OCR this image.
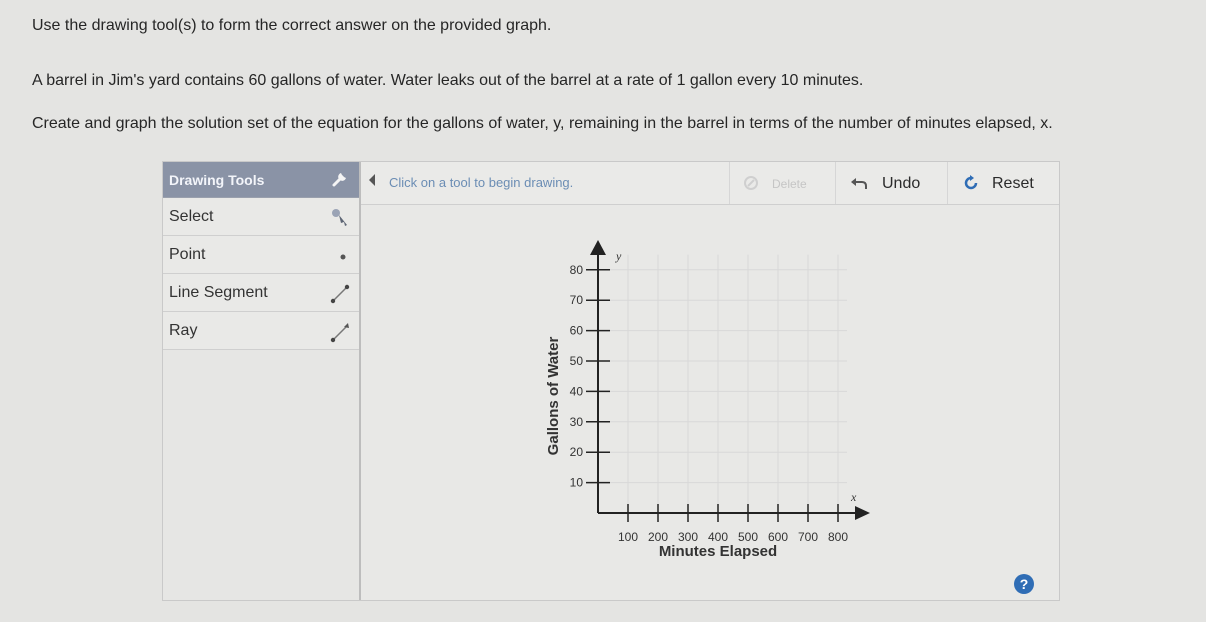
Use the drawing tool(s) to form the correct answer on the provided graph.
A barrel in Jim's yard contains 60 gallons of water. Water leaks out of the barrel at a rate of 1 gallon every 10 minutes.
Create and graph the solution set of the equation for the gallons of water, y, remaining in the barrel in terms of the number of minutes elapsed, x.
Drawing Tools
Select
Point
Line Segment
Ray
Click on a tool to begin drawing.	Delete	Undo	Reset
10
20
30
40
50
60
70
80
100 200 300 400 500 600 700 800
Gallons of Water
Minutes Elapsed
y
x
?
